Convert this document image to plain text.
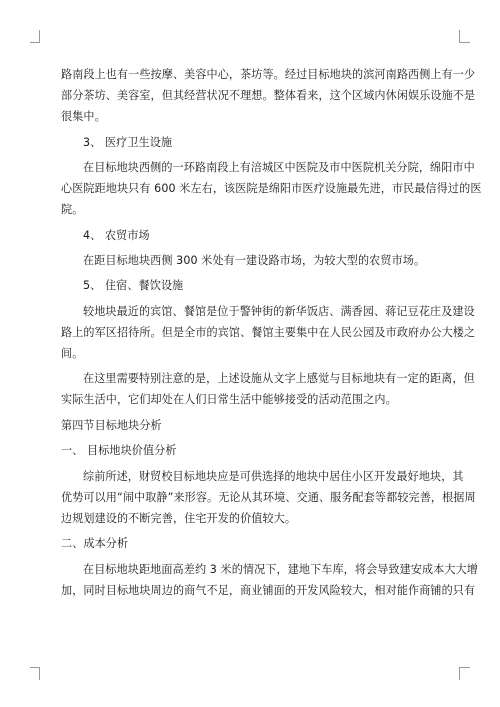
路南段上也有一些按摩、美容中心，茶坊等。经过目标地块的滨河南路西侧上有一少

部分茶坊、美容室，但其经营状况不理想。整体看来，这个区域内休闲娱乐设施不是

很集中。

3、 医疗卫生设施

在目标地块西侧的一环路南段上有涪城区中医院及市中医院机关分院，绵阳市中

心医院距地块只有 600 米左右，该医院是绵阳市医疗设施最先进，市民最信得过的医

院。

4、 农贸市场

在距目标地块西侧 300 米处有一建设路市场，为较大型的农贸市场。

5、 住宿、餐饮设施

较地块最近的宾馆、餐馆是位于警钟街的新华饭店、满香园、蒋记豆花庄及建设

路上的军区招待所。但是全市的宾馆、餐馆主要集中在人民公园及市政府办公大楼之

间。

在这里需要特别注意的是，上述设施从文字上感觉与目标地块有一定的距离，但

实际生活中，它们却处在人们日常生活中能够接受的活动范围之内。

第四节目标地块分析

一、 目标地块价值分析

综前所述，财贸校目标地块应是可供选择的地块中居住小区开发最好地块，其

优势可以用“闹中取静”来形容。无论从其环境、交通、服务配套等都较完善，根据周

边规划建设的不断完善，住宅开发的价值较大。

二、成本分析

在目标地块距地面高差约 3 米的情况下，建地下车库，将会导致建安成本大大增

加，同时目标地块周边的商气不足，商业铺面的开发风险较大，相对能作商铺的只有
